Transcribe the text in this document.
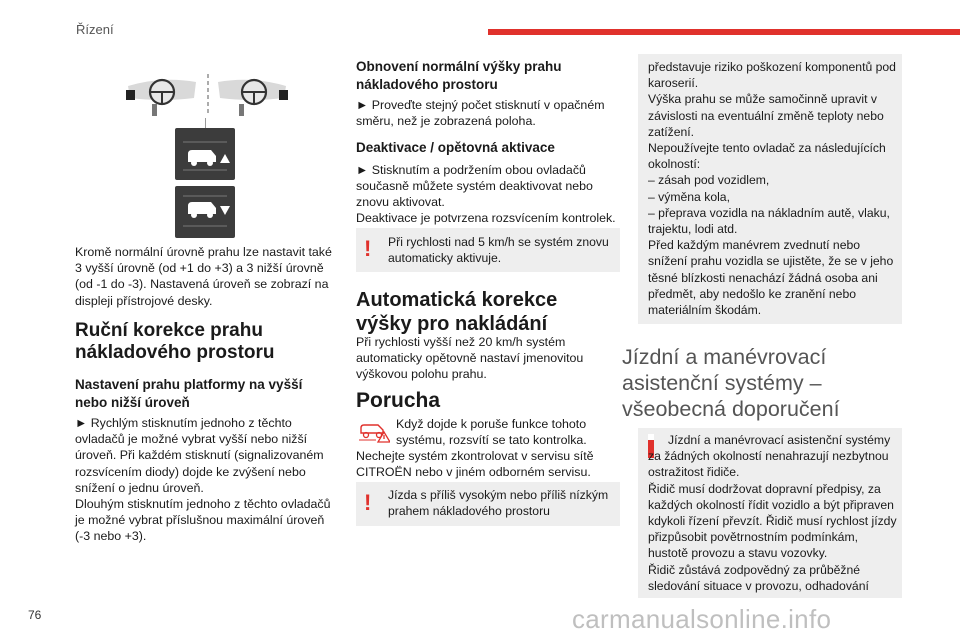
Řízení
Kromě normální úrovně prahu lze nastavit také 3 vyšší úrovně (od +1 do +3) a 3 nižší úrovně (od -1 do -3). Nastavená úroveň se zobrazí na displeji přístrojové desky.
Ruční korekce prahu nákladového prostoru
Nastavení prahu platformy na vyšší nebo nižší úroveň
► Rychlým stisknutím jednoho z těchto ovladačů je možné vybrat vyšší nebo nižší úroveň. Při každém stisknutí (signalizovaném rozsvícením diody) dojde ke zvýšení nebo snížení o jednu úroveň.
Dlouhým stisknutím jednoho z těchto ovladačů je možné vybrat příslušnou maximální úroveň (-3 nebo +3).
Obnovení normální výšky prahu nákladového prostoru
► Proveďte stejný počet stisknutí v opačném směru, než je zobrazená poloha.
Deaktivace / opětovná aktivace
► Stisknutím a podržením obou ovladačů současně můžete systém deaktivovat nebo znovu aktivovat.
Deaktivace je potvrzena rozsvícením kontrolek.
! Při rychlosti nad 5 km/h se systém znovu automaticky aktivuje.
Automatická korekce výšky pro nakládání
Při rychlosti vyšší než 20 km/h systém automaticky opětovně nastaví jmenovitou výškovou polohu prahu.
Porucha
Když dojde k poruše funkce tohoto systému, rozsvítí se tato kontrolka.
Nechejte systém zkontrolovat v servisu sítě CITROËN nebo v jiném odborném servisu.
! Jízda s příliš vysokým nebo příliš nízkým prahem nákladového prostoru
představuje riziko poškození komponentů pod karoserií.
Výška prahu se může samočinně upravit v závislosti na eventuální změně teploty nebo zatížení.
Nepoužívejte tento ovladač za následujících okolností:
– zásah pod vozidlem,
– výměna kola,
– přeprava vozidla na nákladním autě, vlaku, trajektu, lodi atd.
Před každým manévrem zvednutí nebo snížení prahu vozidla se ujistěte, že se v jeho těsné blízkosti nenachází žádná osoba ani předmět, aby nedošlo ke zranění nebo materiálním škodám.
Jízdní a manévrovací asistenční systémy – všeobecná doporučení
Jízdní a manévrovací asistenční systémy za žádných okolností nenahrazují nezbytnou ostražitost řidiče.
Řidič musí dodržovat dopravní předpisy, za každých okolností řídit vozidlo a být připraven kdykoli řízení převzít. Řidič musí rychlost jízdy přizpůsobit povětrnostním podmínkám, hustotě provozu a stavu vozovky.
Řidič zůstává zodpovědný za průběžné sledování situace v provozu, odhadování
76	carmanualsonline.info
